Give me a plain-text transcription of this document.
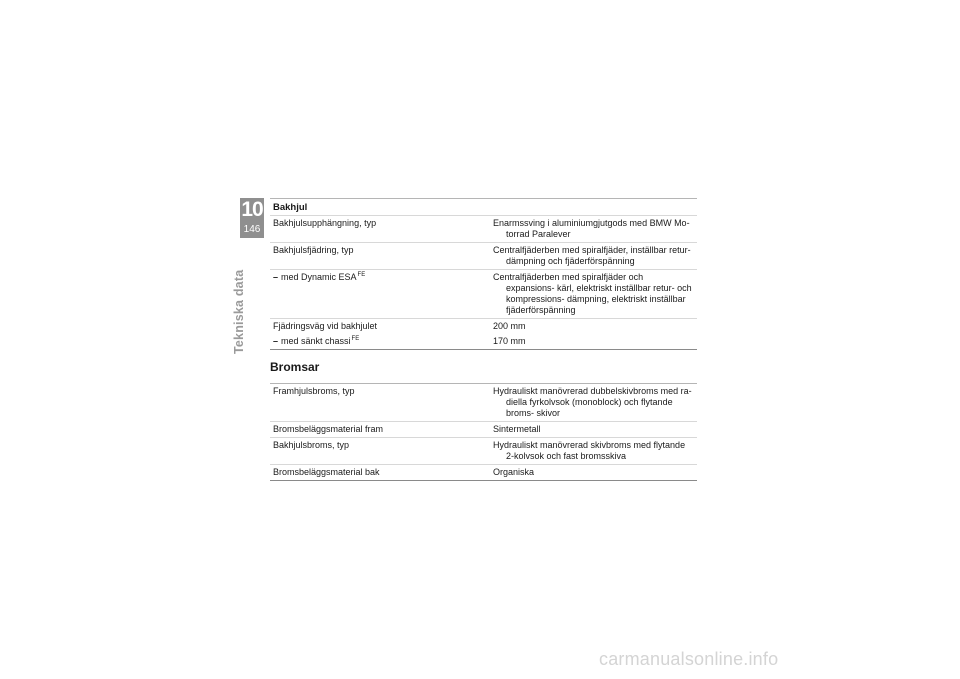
10
146
Tekniska data
Bakhjul
Bakhjulsupphängning, typ	Enarmssving i aluminiumgjutgods med BMW Mo- torrad Paralever

Bakhjulsfjädring, typ	Centralfjäderben med spiralfjäder, inställbar retur- dämpning och fjäderförspänning

– med Dynamic $ESA^{FE}$	Centralfjäderben med spiralfjäder och expansions- kärl, elektriskt inställbar retur- och kompressions- dämpning, elektriskt inställbar fjäderförspänning

Fjädringsväg vid bakhjulet	200 mm
– med sänkt chassi$^{FE}$	170 mm
Bromsar
Framhjulsbroms, typ	Hydrauliskt manövrerad dubbelskivbroms med ra- diella fyrkolvsok (monoblock) och flytande broms- skivor

Bromsbeläggsmaterial fram	Sintermetall
Bakhjulsbroms, typ	Hydrauliskt manövrerad skivbroms med flytande 2-kolvsok och fast bromsskiva

Bromsbeläggsmaterial bak	Organiska
carmanualsonline.info
